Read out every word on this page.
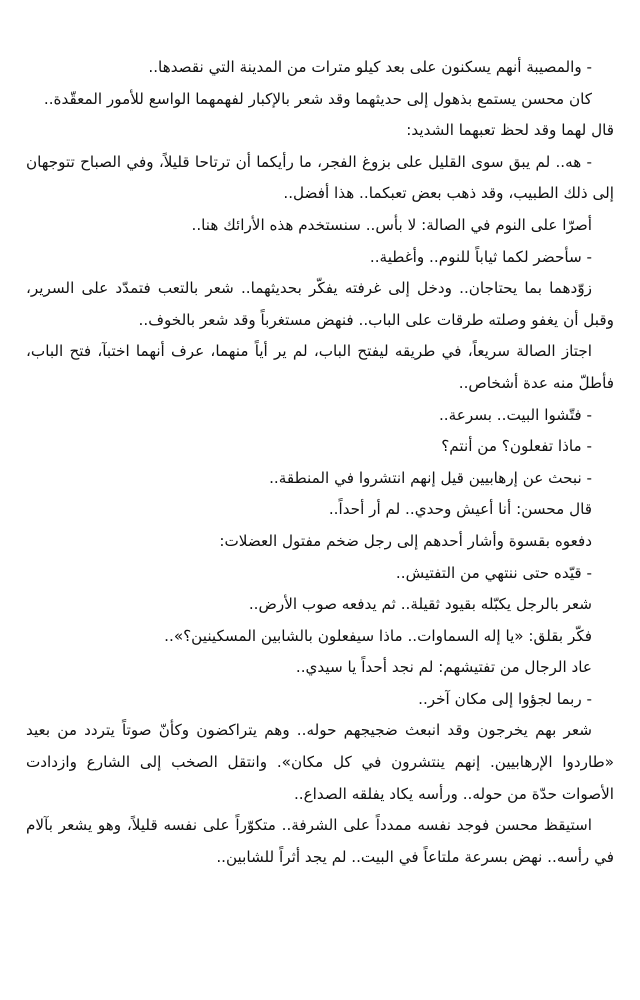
- والمصيبة أنهم يسكنون على بعد كيلو مترات من المدينة التي نقصدها..

كان محسن يستمع بذهول إلى حديثهما وقد شعر بالإكبار لفهمهما الواسع للأمور المعقّدة..

قال لهما وقد لحظ تعبهما الشديد:

- هه.. لم يبق سوى القليل على بزوغ الفجر، ما رأيكما أن ترتاحا قليلاً، وفي الصباح تتوجهان إلى ذلك الطبيب، وقد ذهب بعض تعبكما.. هذا أفضل..

أصرّا على النوم في الصالة: لا بأس.. سنستخدم هذه الأرائك هنا..

- سأحضر لكما ثياباً للنوم.. وأغطية..

زوّدهما بما يحتاجان.. ودخل إلى غرفته يفكّر بحديثهما.. شعر بالتعب فتمدّد على السرير، وقبل أن يغفو وصلته طرقات على الباب.. فنهض مستغرباً وقد شعر بالخوف..

اجتاز الصالة سريعاً، في طريقه ليفتح الباب، لم ير أياً منهما، عرف أنهما اختبآ، فتح الباب، فأطلّ منه عدة أشخاص..

- فتّشوا البيت.. بسرعة..

- ماذا تفعلون؟ من أنتم؟

- نبحث عن إرهابيين قيل إنهم انتشروا في المنطقة..

قال محسن: أنا أعيش وحدي.. لم أر أحداً..

دفعوه بقسوة وأشار أحدهم إلى رجل ضخم مفتول العضلات:

- قيّده حتى ننتهي من التفتيش..

شعر بالرجل يكبّله بقيود ثقيلة.. ثم يدفعه صوب الأرض..

فكّر بقلق: «يا إله السماوات.. ماذا سيفعلون بالشابين المسكينين؟»..

عاد الرجال من تفتيشهم: لم نجد أحداً يا سيدي..

- ربما لجؤوا إلى مكان آخر..

شعر بهم يخرجون وقد انبعث ضجيجهم حوله.. وهم يتراكضون وكأنّ صوتاً يتردد من بعيد «طاردوا الإرهابيين. إنهم ينتشرون في كل مكان». وانتقل الصخب إلى الشارع وازدادت الأصوات حدّة من حوله.. ورأسه يكاد يفلقه الصداع..

استيقظ محسن فوجد نفسه ممدداً على الشرفة.. متكوّراً على نفسه قليلاً، وهو يشعر بآلام في رأسه.. نهض بسرعة ملتاعاً في البيت.. لم يجد أثراً للشابين..
